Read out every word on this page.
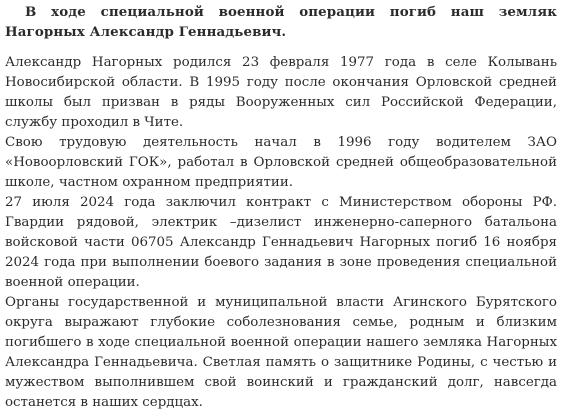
В ходе специальной военной операции погиб наш земляк Нагорных Александр Геннадьевич.

Александр Нагорных родился 23 февраля 1977 года в селе Колывань Новосибирской области. В 1995 году после окончания Орловской средней школы был призван в ряды Вооруженных сил Российской Федерации, службу проходил в Чите.

Свою трудовую деятельность начал в 1996 году водителем ЗАО «Новоорловский ГОК», работал в Орловской средней общеобразовательной школе, частном охранном предприятии.

27 июля 2024 года заключил контракт с Министерством обороны РФ. Гвардии рядовой, электрик –дизелист инженерно-саперного батальона войсковой части 06705 Александр Геннадьевич Нагорных погиб 16 ноября 2024 года при выполнении боевого задания в зоне проведения специальной военной операции.

Органы государственной и муниципальной власти Агинского Бурятского округа выражают глубокие соболезнования семье, родным и близким погибшего в ходе специальной военной операции нашего земляка Нагорных Александра Геннадьевича. Светлая память о защитнике Родины, с честью и мужеством выполнившем свой воинский и гражданский долг, навсегда останется в наших сердцах.
